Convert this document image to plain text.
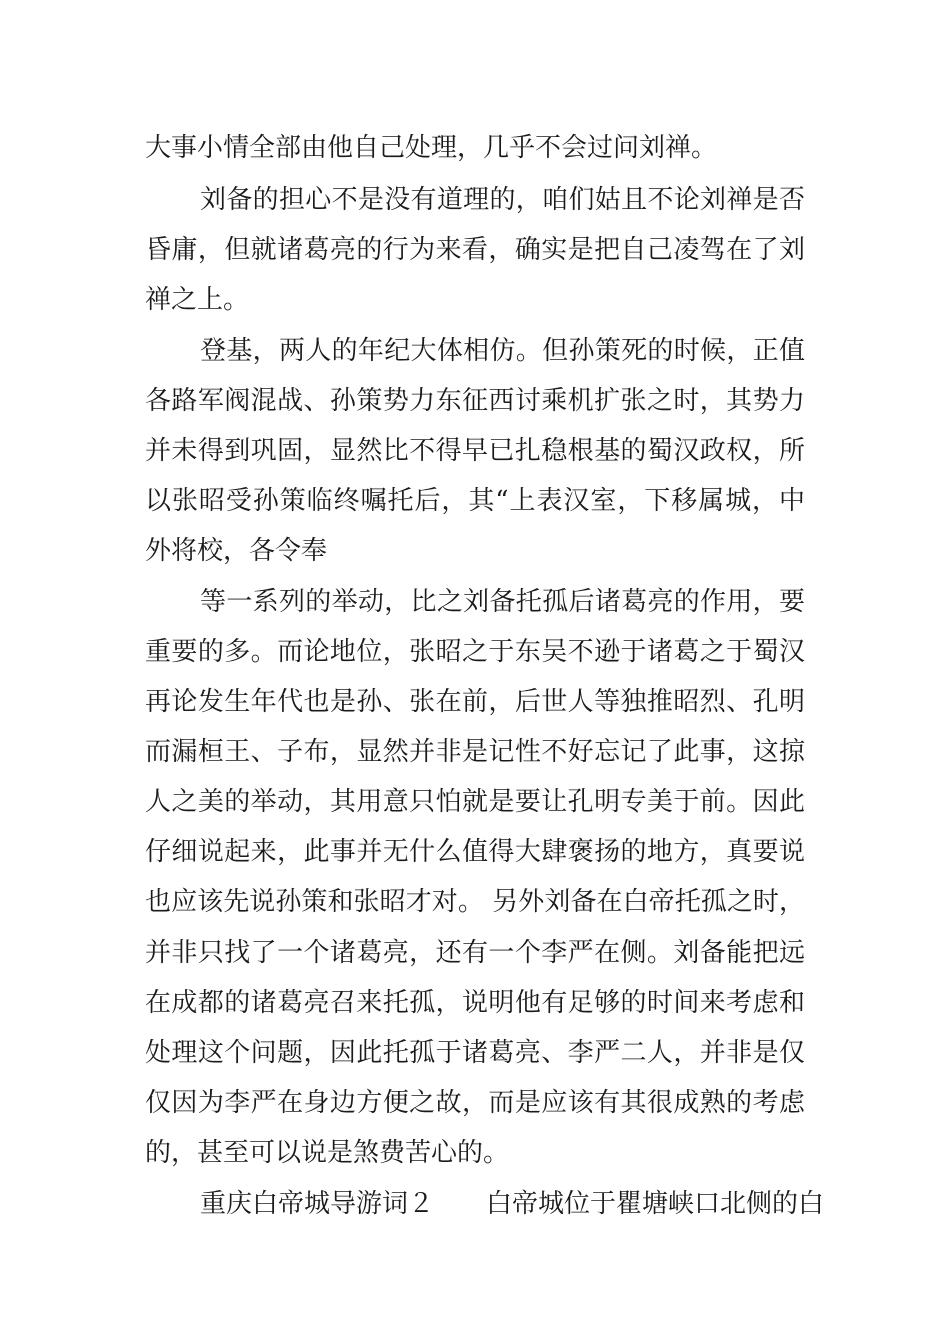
大事小情全部由他自己处理，几乎不会过问刘禅。

刘备的担心不是没有道理的，咱们姑且不论刘禅是否

昏庸，但就诸葛亮的行为来看，确实是把自己凌驾在了刘

禅之上。

登基，两人的年纪大体相仿。但孙策死的时候，正值

各路军阀混战、孙策势力东征西讨乘机扩张之时，其势力

并未得到巩固，显然比不得早已扎稳根基的蜀汉政权，所

以张昭受孙策临终嘱托后，其“上表汉室，下移属城，中

外将校，各令奉

等一系列的举动，比之刘备托孤后诸葛亮的作用，要

重要的多。而论地位，张昭之于东吴不逊于诸葛之于蜀汉

再论发生年代也是孙、张在前，后世人等独推昭烈、孔明

而漏桓王、子布，显然并非是记性不好忘记了此事，这掠

人之美的举动，其用意只怕就是要让孔明专美于前。因此

仔细说起来，此事并无什么值得大肆褒扬的地方，真要说

也应该先说孙策和张昭才对。 另外刘备在白帝托孤之时，

并非只找了一个诸葛亮，还有一个李严在侧。刘备能把远

在成都的诸葛亮召来托孤，说明他有足够的时间来考虑和

处理这个问题，因此托孤于诸葛亮、李严二人，并非是仅

仅因为李严在身边方便之故，而是应该有其很成熟的考虑

的，甚至可以说是煞费苦心的。

重庆白帝城导游词２　　白帝城位于瞿塘峡口北侧的白
